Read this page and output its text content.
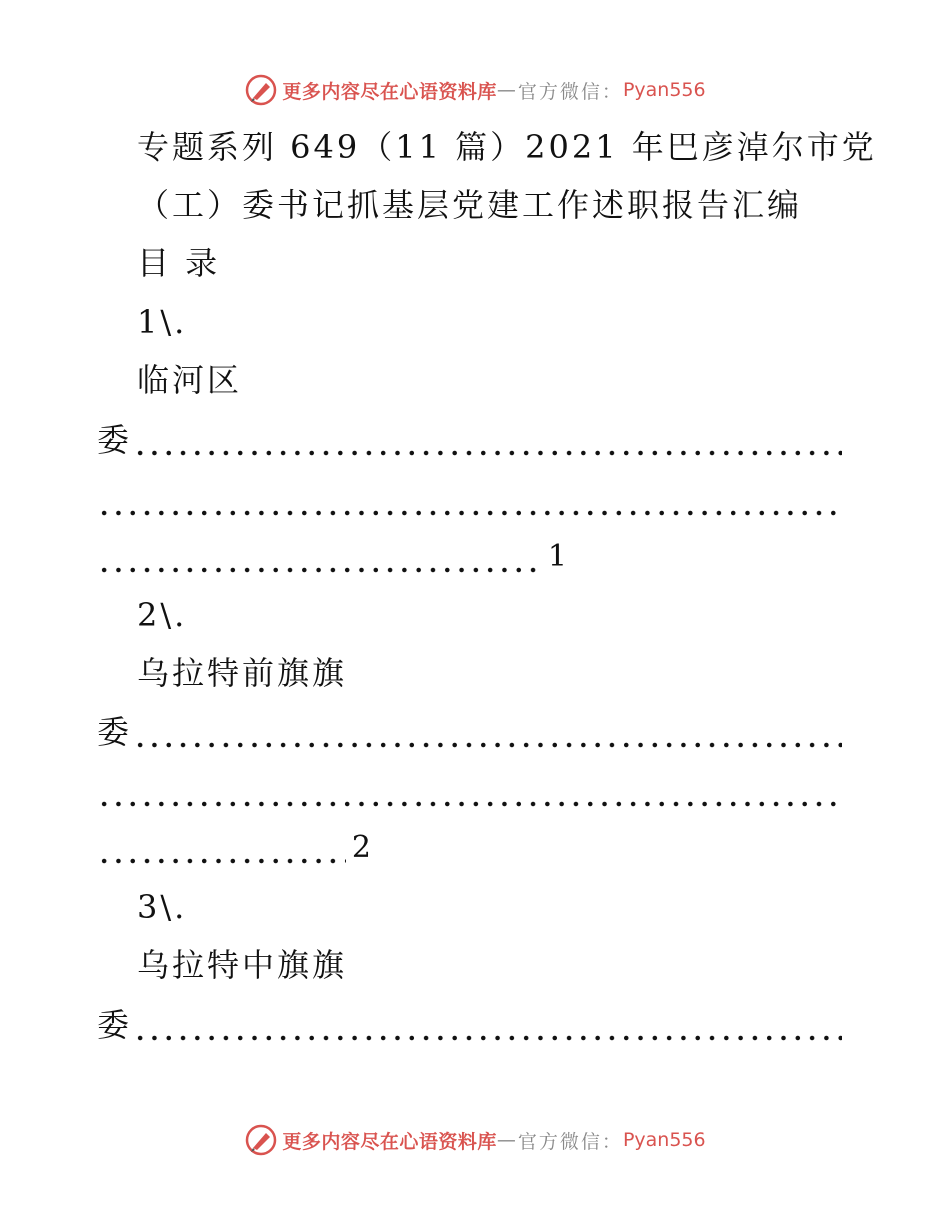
更多内容尽在心语资料库 — 官方微信： Pyan556
专题系列 649（11 篇）2021 年巴彦淖尔市党
（工）委书记抓基层党建工作述职报告汇编
目 录
1\.
临河区
委
1
2\.
乌拉特前旗旗
委
2
3\.
乌拉特中旗旗
委
更多内容尽在心语资料库 — 官方微信： Pyan556
